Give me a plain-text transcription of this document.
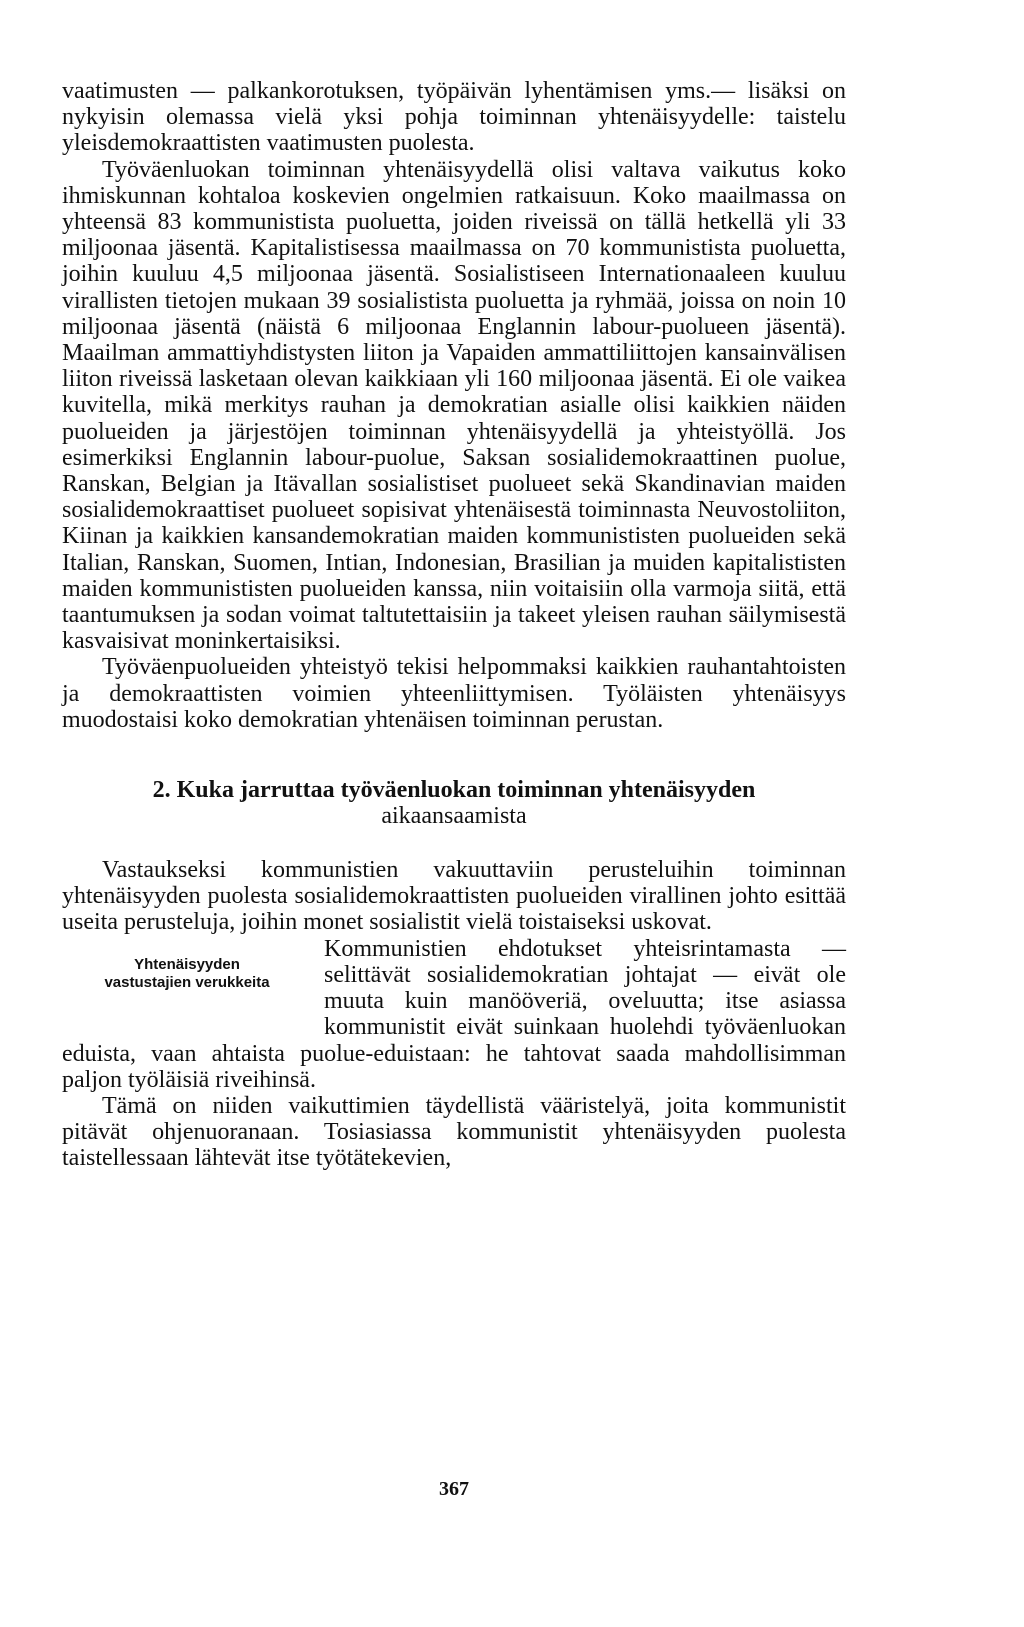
vaatimusten — palkankorotuksen, työpäivän lyhentämisen yms.— lisäksi on nykyisin olemassa vielä yksi pohja toiminnan yhtenäisyydelle: taistelu yleisdemokraattisten vaatimusten puolesta.

Työväenluokan toiminnan yhtenäisyydellä olisi valtava vaikutus koko ihmiskunnan kohtaloa koskevien ongelmien ratkaisuun. Koko maailmassa on yhteensä 83 kommunistista puoluetta, joiden riveissä on tällä hetkellä yli 33 miljoonaa jäsentä. Kapitalistisessa maailmassa on 70 kommunistista puoluetta, joihin kuuluu 4,5 miljoonaa jäsentä. Sosialistiseen Internationaaleen kuuluu virallisten tietojen mukaan 39 sosialistista puoluetta ja ryhmää, joissa on noin 10 miljoonaa jäsentä (näistä 6 miljoonaa Englannin labour-puolueen jäsentä). Maailman ammattiyhdistysten liiton ja Vapaiden ammattiliittojen kansainvälisen liiton riveissä lasketaan olevan kaikkiaan yli 160 miljoonaa jäsentä. Ei ole vaikea kuvitella, mikä merkitys rauhan ja demokratian asialle olisi kaikkien näiden puolueiden ja järjestöjen toiminnan yhtenäisyydellä ja yhteistyöllä. Jos esimerkiksi Englannin labour-puolue, Saksan sosialidemokraattinen puolue, Ranskan, Belgian ja Itävallan sosialistiset puolueet sekä Skandinavian maiden sosialidemokraattiset puolueet sopisivat yhtenäisestä toiminnasta Neuvostoliiton, Kiinan ja kaikkien kansandemokratian maiden kommunististen puolueiden sekä Italian, Ranskan, Suomen, Intian, Indonesian, Brasilian ja muiden kapitalististen maiden kommunististen puolueiden kanssa, niin voitaisiin olla varmoja siitä, että taantumuksen ja sodan voimat taltutettaisiin ja takeet yleisen rauhan säilymisestä kasvaisivat moninkertaisiksi.

Työväenpuolueiden yhteistyö tekisi helpommaksi kaikkien rauhantahtoisten ja demokraattisten voimien yhteenliittymisen. Työläisten yhtenäisyys muodostaisi koko demokratian yhtenäisen toiminnan perustan.

2. Kuka jarruttaa työväenluokan toiminnan yhtenäisyyden
aikaansaamista

Vastaukseksi kommunistien vakuuttaviin perusteluihin toiminnan yhtenäisyyden puolesta sosialidemokraattisten puolueiden virallinen johto esittää useita perusteluja, joihin monet sosialistit vielä toistaiseksi uskovat.

Yhtenäisyyden
vastustajien verukkeita

Kommunistien ehdotukset yhteisrintamasta — selittävät sosialidemokratian johtajat — eivät ole muuta kuin manööveriä, oveluutta; itse asiassa kommunistit eivät suinkaan huolehdi työväenluokan eduista, vaan ahtaista puolue-eduistaan: he tahtovat saada mahdollisimman paljon työläisiä riveihinsä.

Tämä on niiden vaikuttimien täydellistä vääristelyä, joita kommunistit pitävät ohjenuoranaan. Tosiasiassa kommunistit yhtenäisyyden puolesta taistellessaan lähtevät itse työtätekevien,

367
